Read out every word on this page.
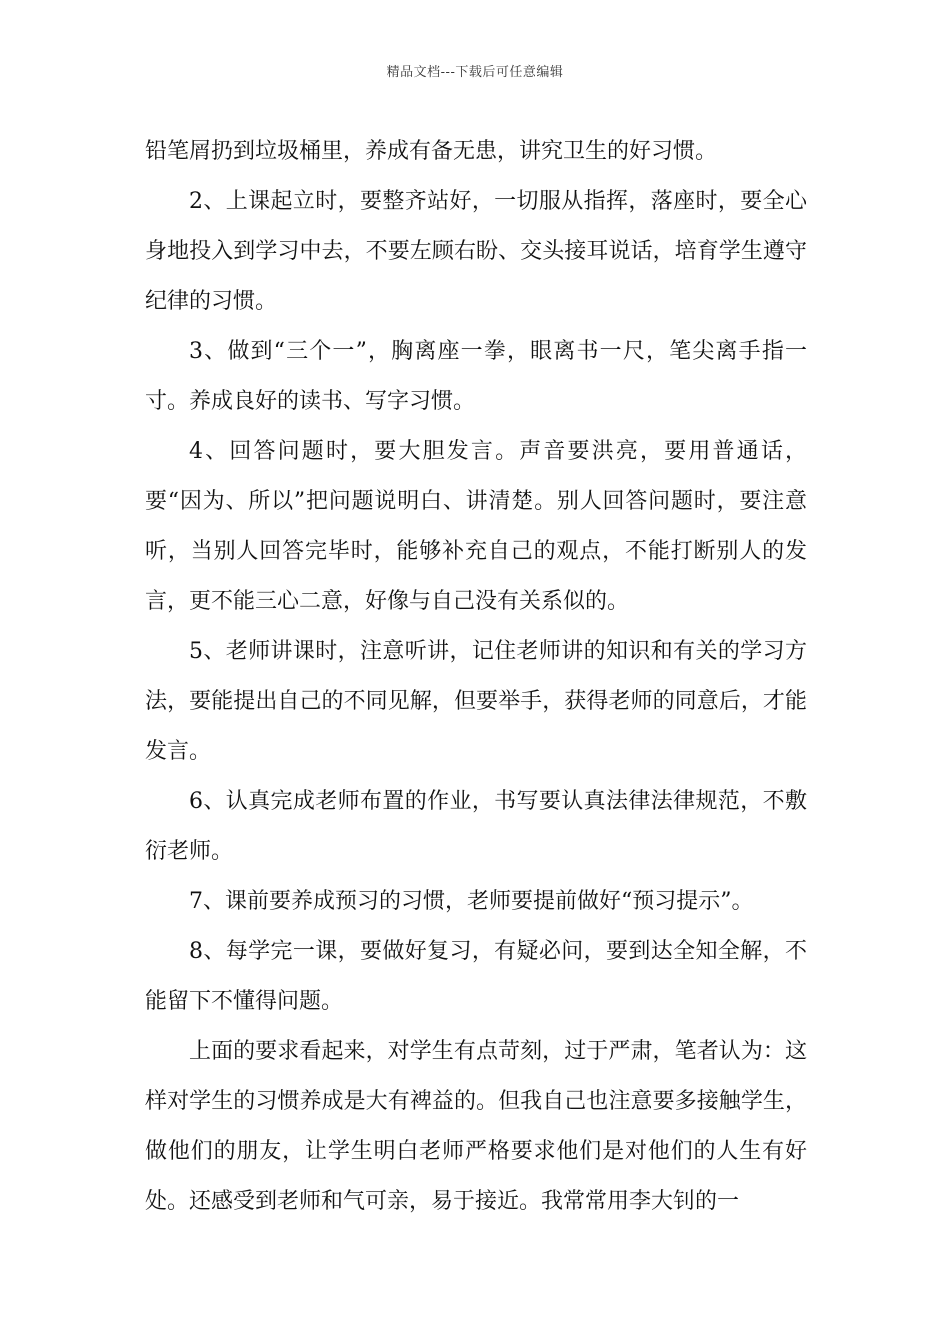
精品文档---下载后可任意编辑

铅笔屑扔到垃圾桶里，养成有备无患，讲究卫生的好习惯。

2、上课起立时，要整齐站好，一切服从指挥，落座时，要全心身地投入到学习中去，不要左顾右盼、交头接耳说话，培育学生遵守纪律的习惯。

3、做到“三个一”，胸离座一拳，眼离书一尺，笔尖离手指一寸。养成良好的读书、写字习惯。

4、回答问题时，要大胆发言。声音要洪亮，要用普通话，要“因为、所以”把问题说明白、讲清楚。别人回答问题时，要注意听，当别人回答完毕时，能够补充自己的观点，不能打断别人的发言，更不能三心二意，好像与自己没有关系似的。

5、老师讲课时，注意听讲，记住老师讲的知识和有关的学习方法，要能提出自己的不同见解，但要举手，获得老师的同意后，才能发言。

6、认真完成老师布置的作业，书写要认真法律法律规范，不敷衍老师。

7、课前要养成预习的习惯，老师要提前做好“预习提示”。

8、每学完一课，要做好复习，有疑必问，要到达全知全解，不能留下不懂得问题。

上面的要求看起来，对学生有点苛刻，过于严肃，笔者认为：这样对学生的习惯养成是大有裨益的。但我自己也注意要多接触学生，做他们的朋友，让学生明白老师严格要求他们是对他们的人生有好处。还感受到老师和气可亲，易于接近。我常常用李大钊的一
